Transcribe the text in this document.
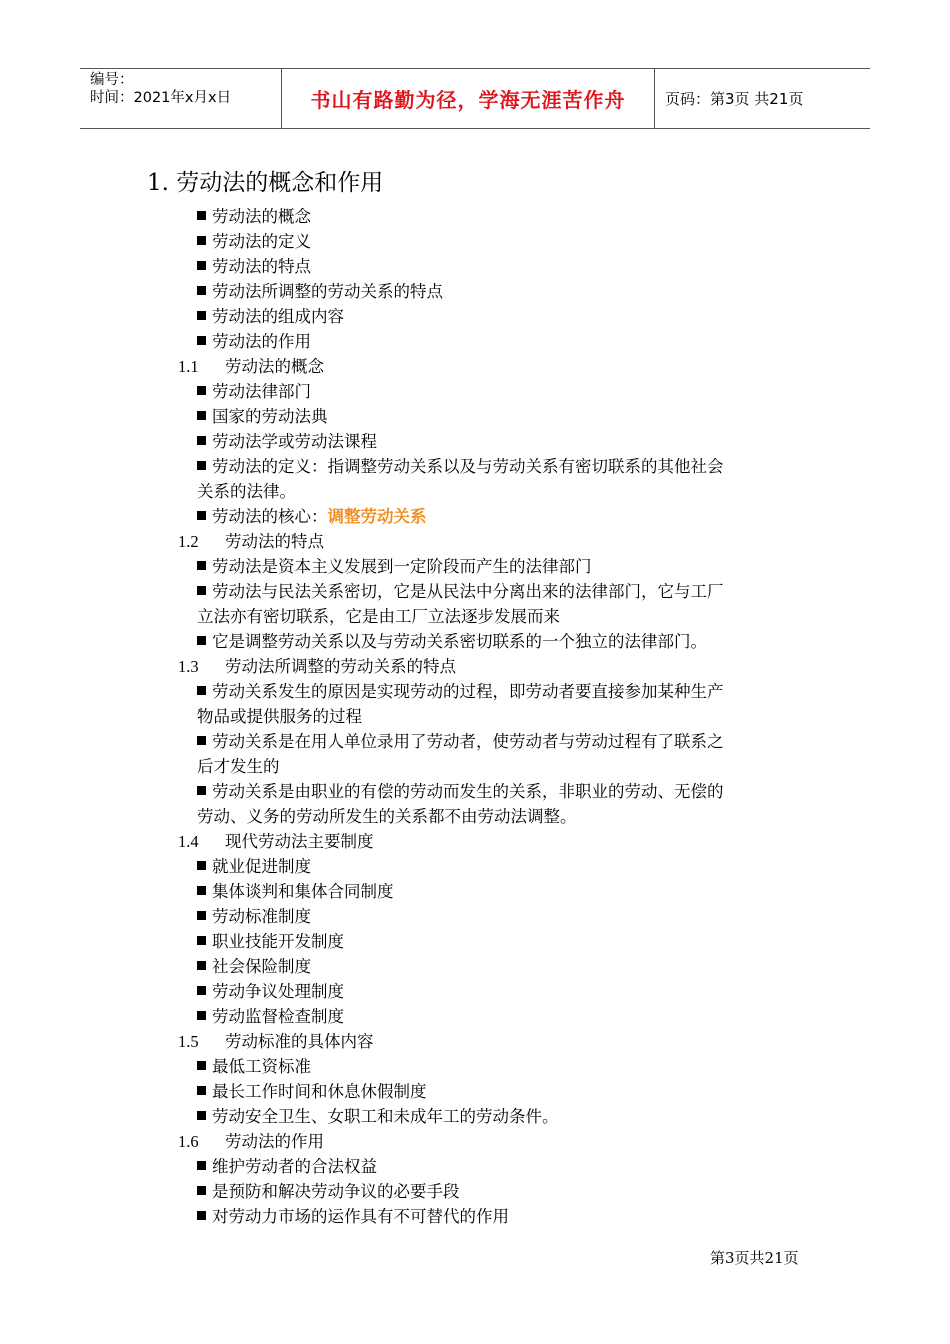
编号：
时间：2021年x月x日	书山有路勤为径，学海无涯苦作舟	页码：第3页 共21页
1. 劳动法的概念和作用
劳动法的概念
劳动法的定义
劳动法的特点
劳动法所调整的劳动关系的特点
劳动法的组成内容
劳动法的作用
1.1 劳动法的概念
劳动法律部门
国家的劳动法典
劳动法学或劳动法课程
劳动法的定义：指调整劳动关系以及与劳动关系有密切联系的其他社会
关系的法律。
劳动法的核心：调整劳动关系
1.2 劳动法的特点
劳动法是资本主义发展到一定阶段而产生的法律部门
劳动法与民法关系密切，它是从民法中分离出来的法律部门，它与工厂
立法亦有密切联系，它是由工厂立法逐步发展而来
它是调整劳动关系以及与劳动关系密切联系的一个独立的法律部门。
1.3 劳动法所调整的劳动关系的特点
劳动关系发生的原因是实现劳动的过程，即劳动者要直接参加某种生产
物品或提供服务的过程
劳动关系是在用人单位录用了劳动者，使劳动者与劳动过程有了联系之
后才发生的
劳动关系是由职业的有偿的劳动而发生的关系，非职业的劳动、无偿的
劳动、义务的劳动所发生的关系都不由劳动法调整。
1.4 现代劳动法主要制度
就业促进制度
集体谈判和集体合同制度
劳动标准制度
职业技能开发制度
社会保险制度
劳动争议处理制度
劳动监督检查制度
1.5 劳动标准的具体内容
最低工资标准
最长工作时间和休息休假制度
劳动安全卫生、女职工和未成年工的劳动条件。
1.6 劳动法的作用
维护劳动者的合法权益
是预防和解决劳动争议的必要手段
对劳动力市场的运作具有不可替代的作用
第3页共21页
